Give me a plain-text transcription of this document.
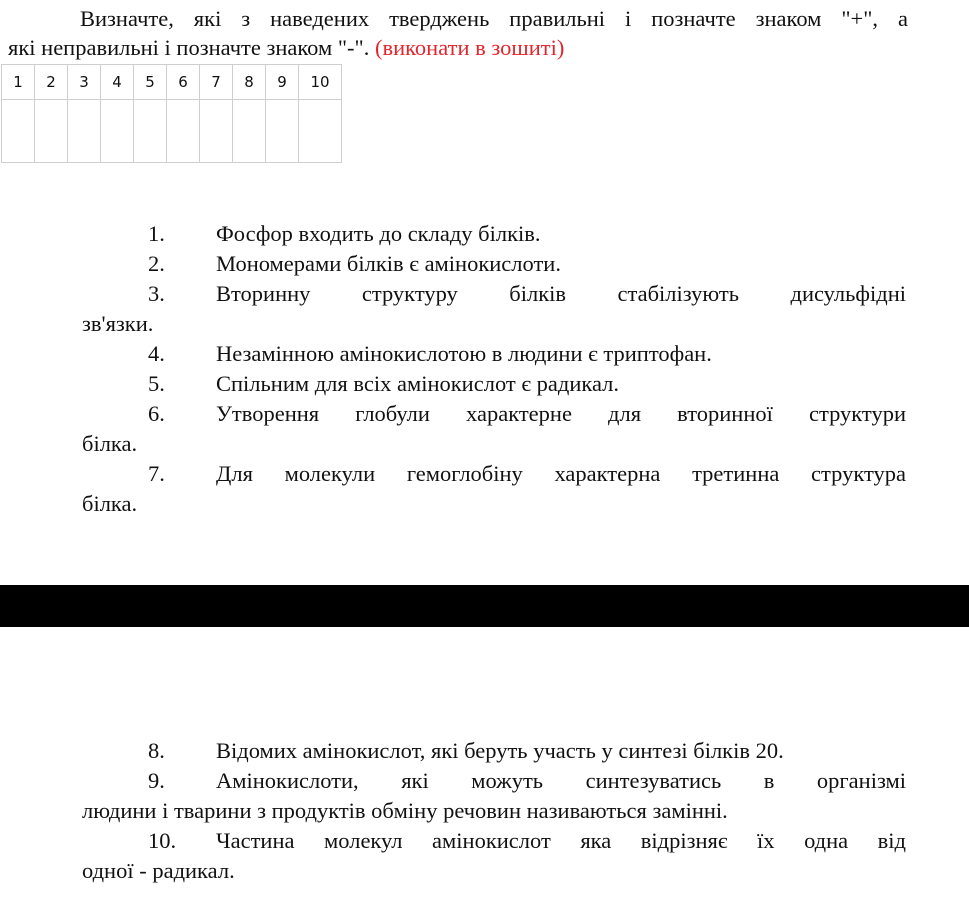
Визначте, які з наведених тверджень правильні і позначте знаком "+", а
які неправильні і позначте знаком "-". (виконати в зошиті)
1	2	3	4	5	6	7	8	9	10

1.	Фосфор входить до складу білків.
2.	Мономерами білків є амінокислоти.
3.	Вторинну структуру білків стабілізують дисульфідні
зв'язки.
4.	Незамінною амінокислотою в людини є триптофан.
5.	Спільним для всіх амінокислот є радикал.
6.	Утворення глобули характерне для вторинної структури
білка.
7.	Для молекули гемоглобіну характерна третинна структура
білка.
8.	Відомих амінокислот, які беруть участь у синтезі білків 20.
9.	Амінокислоти, які можуть синтезуватись в організмі
людини і тварини з продуктів обміну речовин називаються замінні.
10.	Частина молекул амінокислот яка відрізняє їх одна від
одної - радикал.
